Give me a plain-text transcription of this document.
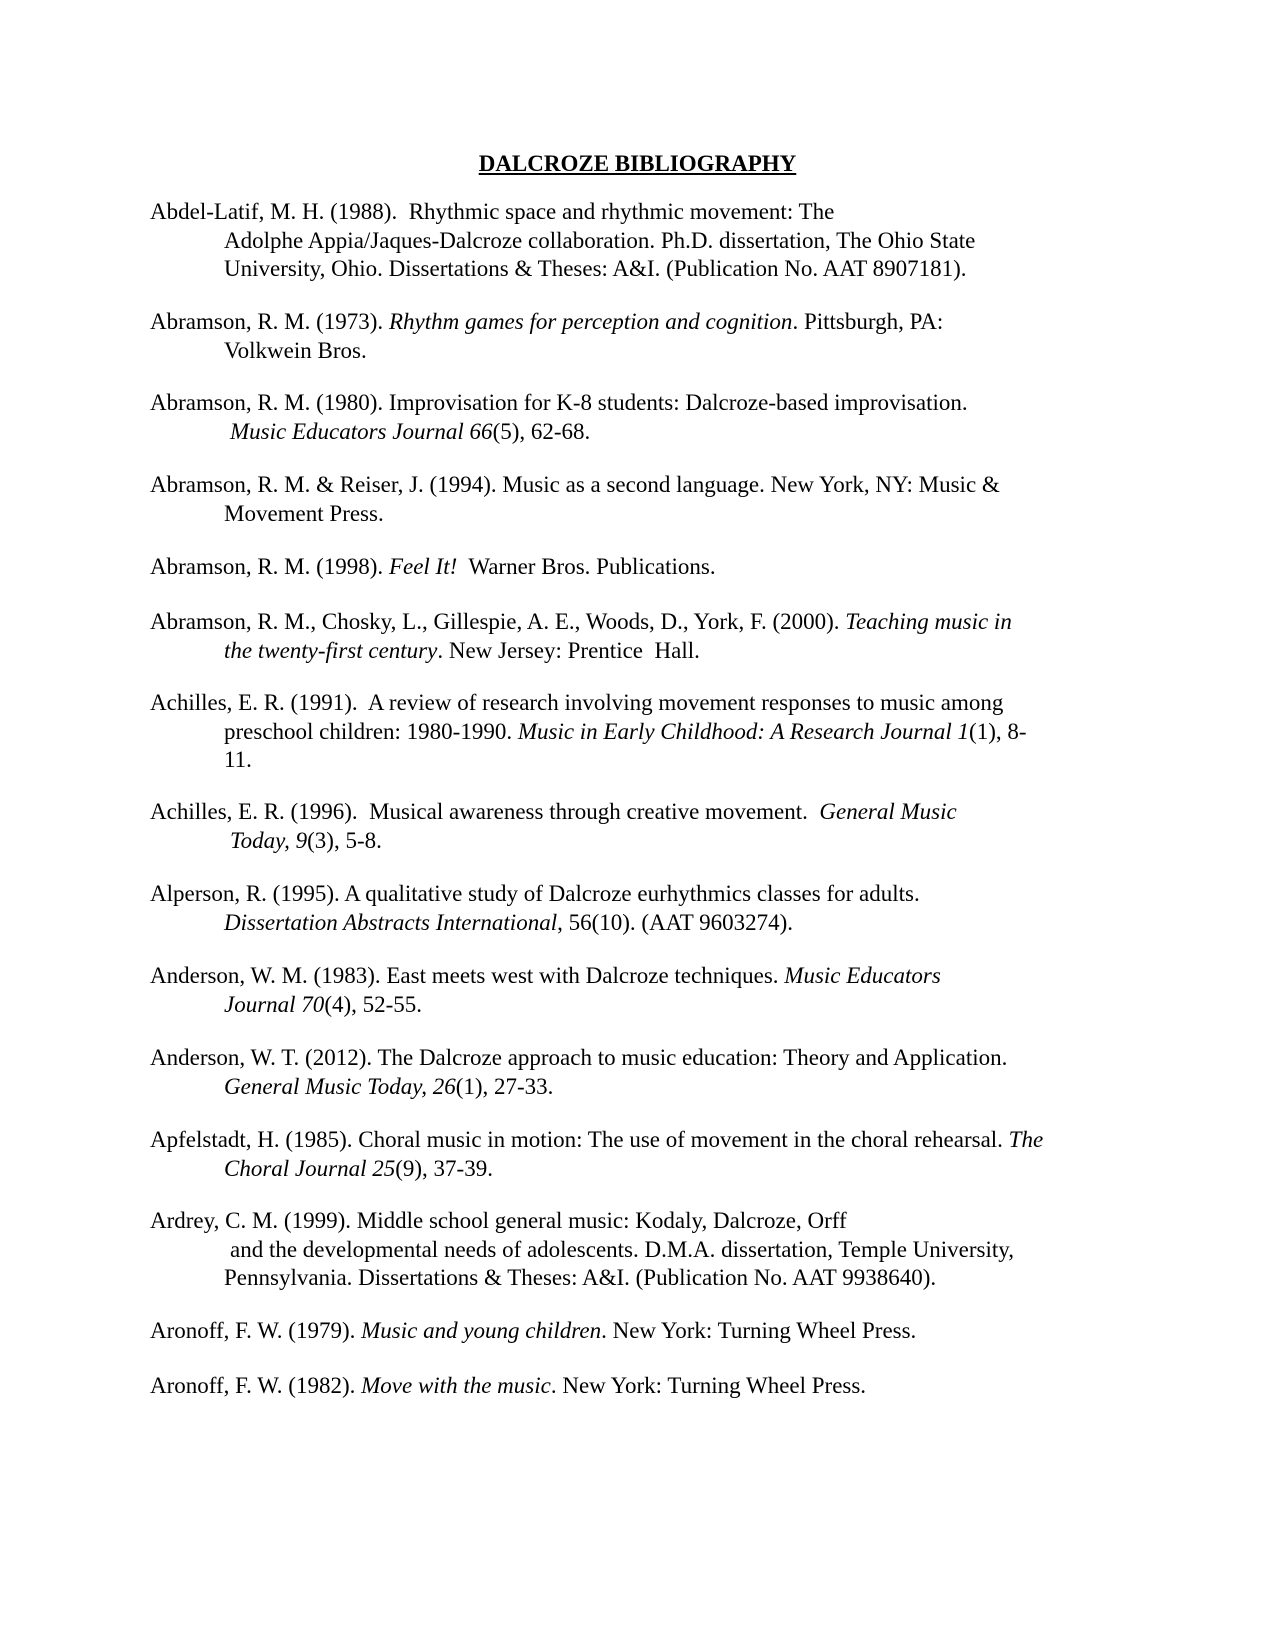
DALCROZE BIBLIOGRAPHY

Abdel-Latif, M. H. (1988).  Rhythmic space and rhythmic movement: The
Adolphe Appia/Jaques-Dalcroze collaboration. Ph.D. dissertation, The Ohio State
University, Ohio. Dissertations & Theses: A&I. (Publication No. AAT 8907181).

Abramson, R. M. (1973). Rhythm games for perception and cognition. Pittsburgh, PA:
Volkwein Bros.

Abramson, R. M. (1980). Improvisation for K-8 students: Dalcroze-based improvisation.
Music Educators Journal 66(5), 62-68.

Abramson, R. M. & Reiser, J. (1994). Music as a second language. New York, NY: Music &
Movement Press.

Abramson, R. M. (1998). Feel It!  Warner Bros. Publications.

Abramson, R. M., Chosky, L., Gillespie, A. E., Woods, D., York, F. (2000). Teaching music in
the twenty-first century. New Jersey: Prentice  Hall.

Achilles, E. R. (1991).  A review of research involving movement responses to music among
preschool children: 1980-1990. Music in Early Childhood: A Research Journal 1(1), 8-
11.

Achilles, E. R. (1996).  Musical awareness through creative movement.  General Music
Today, 9(3), 5-8.

Alperson, R. (1995). A qualitative study of Dalcroze eurhythmics classes for adults.
Dissertation Abstracts International, 56(10). (AAT 9603274).

Anderson, W. M. (1983). East meets west with Dalcroze techniques. Music Educators
Journal 70(4), 52-55.

Anderson, W. T. (2012). The Dalcroze approach to music education: Theory and Application.
General Music Today, 26(1), 27-33.

Apfelstadt, H. (1985). Choral music in motion: The use of movement in the choral rehearsal. The
Choral Journal 25(9), 37-39.

Ardrey, C. M. (1999). Middle school general music: Kodaly, Dalcroze, Orff
and the developmental needs of adolescents. D.M.A. dissertation, Temple University,
Pennsylvania. Dissertations & Theses: A&I. (Publication No. AAT 9938640).

Aronoff, F. W. (1979). Music and young children. New York: Turning Wheel Press.

Aronoff, F. W. (1982). Move with the music. New York: Turning Wheel Press.
